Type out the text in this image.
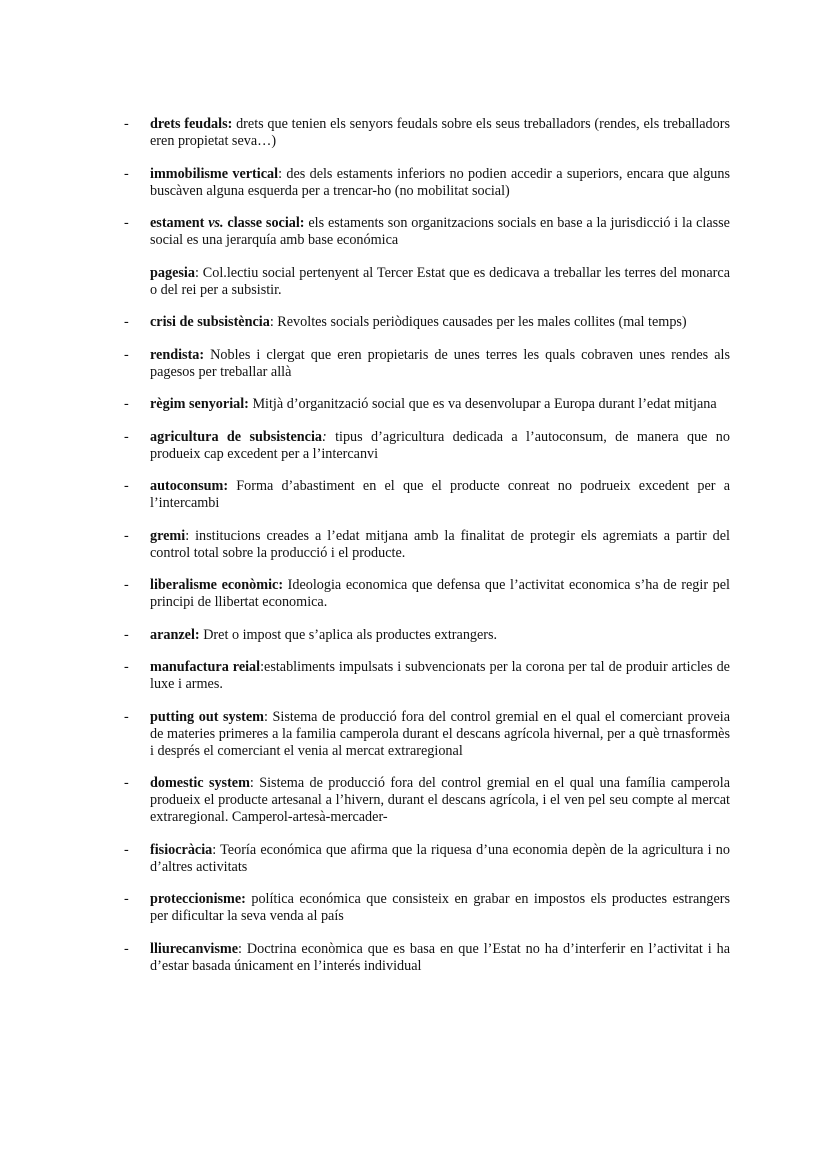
- drets feudals: drets que tenien els senyors feudals sobre els seus treballadors (rendes, els treballadors eren propietat seva…)
- immobilisme vertical: des dels estaments inferiors no podien accedir a superiors, encara que alguns buscàven alguna esquerda per a trencar-ho (no mobilitat social)
- estament vs. classe social: els estaments son organitzacions socials en base a la jurisdicció i la classe social es una jerarquía amb base económica
pagesia: Col.lectiu social pertenyent al Tercer Estat que es dedicava a treballar les terres del monarca o del rei per a subsistir.
- crisi de subsistència: Revoltes socials periòdiques causades per les males collites (mal temps)
- rendista: Nobles i clergat que eren propietaris de unes terres les quals cobraven unes rendes als pagesos per treballar allà
- règim senyorial: Mitjà d’organització social que es va desenvolupar a Europa durant l’edat mitjana
- agricultura de subsistencia: tipus d’agricultura dedicada a l’autoconsum, de manera que no produeix cap excedent per a l’intercanvi
- autoconsum: Forma d’abastiment en el que el producte conreat no podrueix excedent per a l’intercambi
- gremi: institucions creades a l’edat mitjana amb la finalitat de protegir els agremiats a partir del control total sobre la producció i el producte.
- liberalisme econòmic: Ideologia economica que defensa que l’activitat economica s’ha de regir pel principi de llibertat economica.
- aranzel: Dret o impost que s’aplica als productes extrangers.
- manufactura reial:establiments impulsats i subvencionats per la corona per tal de produir articles de luxe i armes.
- putting out system: Sistema de producció fora del control gremial en el qual el comerciant proveia de materies primeres a la familia camperola durant el descans agrícola hivernal, per a què trnasformès i després el comerciant el venia al mercat extraregional
- domestic system: Sistema de producció fora del control gremial en el qual una família camperola produeix el producte artesanal a l’hivern, durant el descans agrícola, i el ven pel seu compte al mercat extraregional. Camperol-artesà-mercader-
- fisiocràcia: Teoría económica que afirma que la riquesa d’una economia depèn de la agricultura i no d’altres activitats
- proteccionisme: política económica que consisteix en grabar en impostos els productes estrangers per dificultar la seva venda al país
- lliurecanvisme: Doctrina econòmica que es basa en que l’Estat no ha d’interferir en l’activitat i ha d’estar basada únicament en l’interés individual
